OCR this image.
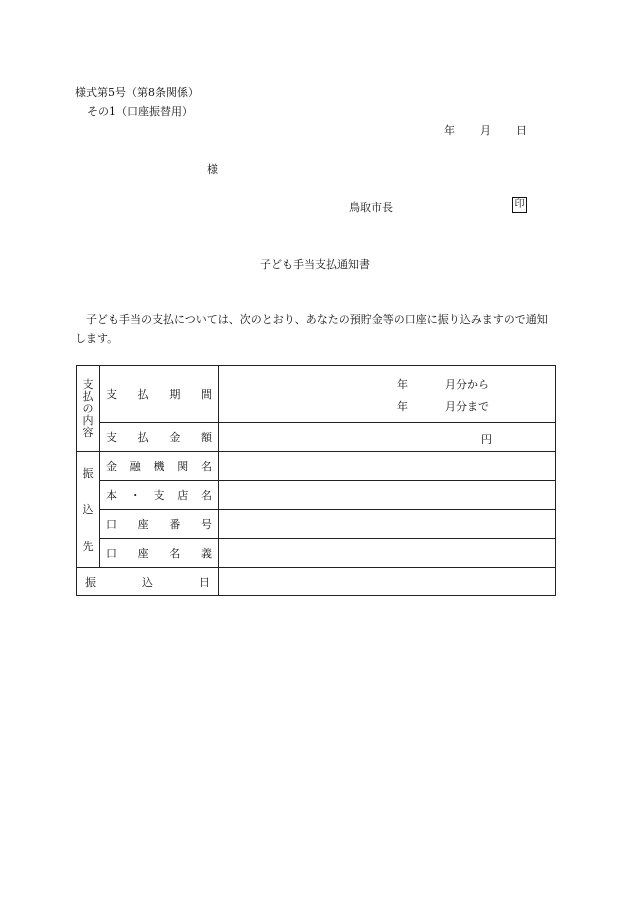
様式第5号（第8条関係）
その1（口座振替用）
年 月 日
様
鳥取市長	印
子ども手当支払通知書
子ども手当の支払については、次のとおり、あなたの預貯金等の口座に振り込みますので通知します。
支
払
の
内
容	支 払 期 間	年 月分から
年 月分まで

	支 払 金 額	円

振
込
先	金 融 機 関 名	

	本 ・ 支 店 名	

	口 座 番 号	

	口 座 名 義	

振 込 日		
